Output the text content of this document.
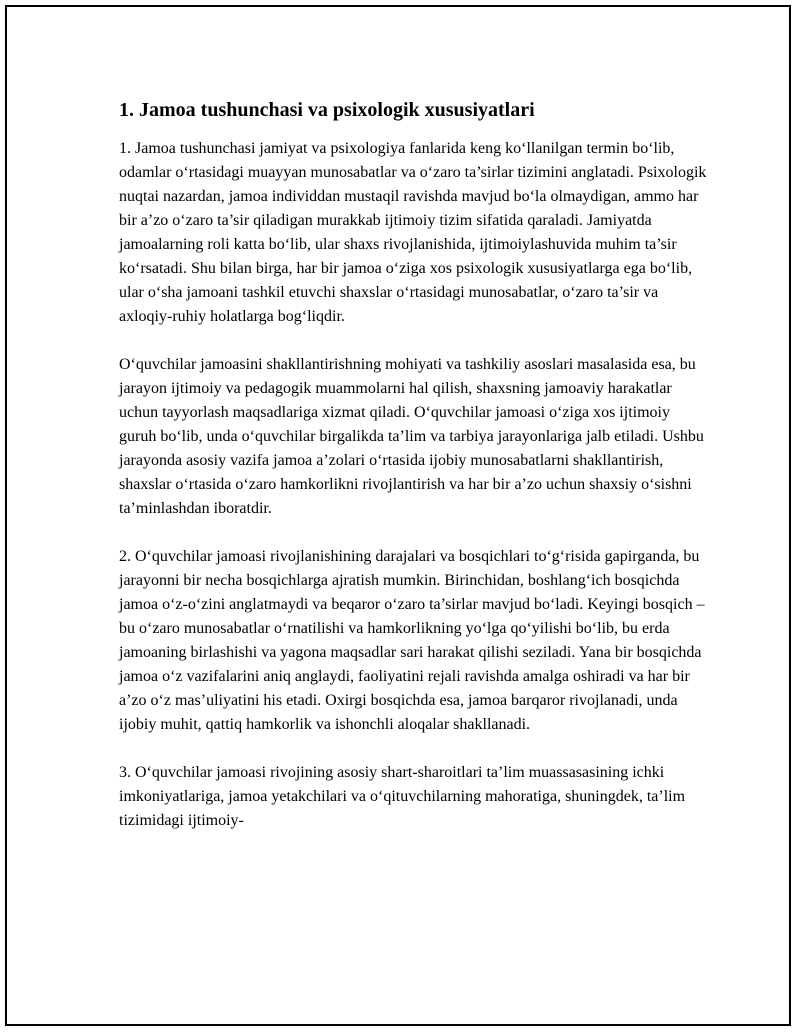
1. Jamoa tushunchasi va psixologik xususiyatlari

1. Jamoa tushunchasi jamiyat va psixologiya fanlarida keng ko‘llanilgan termin bo‘lib, odamlar o‘rtasidagi muayyan munosabatlar va o‘zaro ta’sirlar tizimini anglatadi. Psixologik nuqtai nazardan, jamoa individdan mustaqil ravishda mavjud bo‘la olmaydigan, ammo har bir a’zo o‘zaro ta’sir qiladigan murakkab ijtimoiy tizim sifatida qaraladi. Jamiyatda jamoalarning roli katta bo‘lib, ular shaxs rivojlanishida, ijtimoiylashuvida muhim ta’sir ko‘rsatadi. Shu bilan birga, har bir jamoa o‘ziga xos psixologik xususiyatlarga ega bo‘lib, ular o‘sha jamoani tashkil etuvchi shaxslar o‘rtasidagi munosabatlar, o‘zaro ta’sir va axloqiy-ruhiy holatlarga bog‘liqdir.

O‘quvchilar jamoasini shakllantirishning mohiyati va tashkiliy asoslari masalasida esa, bu jarayon ijtimoiy va pedagogik muammolarni hal qilish, shaxsning jamoaviy harakatlar uchun tayyorlash maqsadlariga xizmat qiladi. O‘quvchilar jamoasi o‘ziga xos ijtimoiy guruh bo‘lib, unda o‘quvchilar birgalikda ta’lim va tarbiya jarayonlariga jalb etiladi. Ushbu jarayonda asosiy vazifa jamoa a’zolari o‘rtasida ijobiy munosabatlarni shakllantirish, shaxslar o‘rtasida o‘zaro hamkorlikni rivojlantirish va har bir a’zo uchun shaxsiy o‘sishni ta’minlashdan iboratdir.

2. O‘quvchilar jamoasi rivojlanishining darajalari va bosqichlari to‘g‘risida gapirganda, bu jarayonni bir necha bosqichlarga ajratish mumkin. Birinchidan, boshlang‘ich bosqichda jamoa o‘z-o‘zini anglatmaydi va beqaror o‘zaro ta’sirlar mavjud bo‘ladi. Keyingi bosqich – bu o‘zaro munosabatlar o‘rnatilishi va hamkorlikning yo‘lga qo‘yilishi bo‘lib, bu erda jamoaning birlashishi va yagona maqsadlar sari harakat qilishi seziladi. Yana bir bosqichda jamoa o‘z vazifalarini aniq anglaydi, faoliyatini rejali ravishda amalga oshiradi va har bir a’zo o‘z mas’uliyatini his etadi. Oxirgi bosqichda esa, jamoa barqaror rivojlanadi, unda ijobiy muhit, qattiq hamkorlik va ishonchli aloqalar shakllanadi.

3. O‘quvchilar jamoasi rivojining asosiy shart-sharoitlari ta’lim muassasasining ichki imkoniyatlariga, jamoa yetakchilari va o‘qituvchilarning mahoratiga, shuningdek, ta’lim tizimidagi ijtimoiy-
